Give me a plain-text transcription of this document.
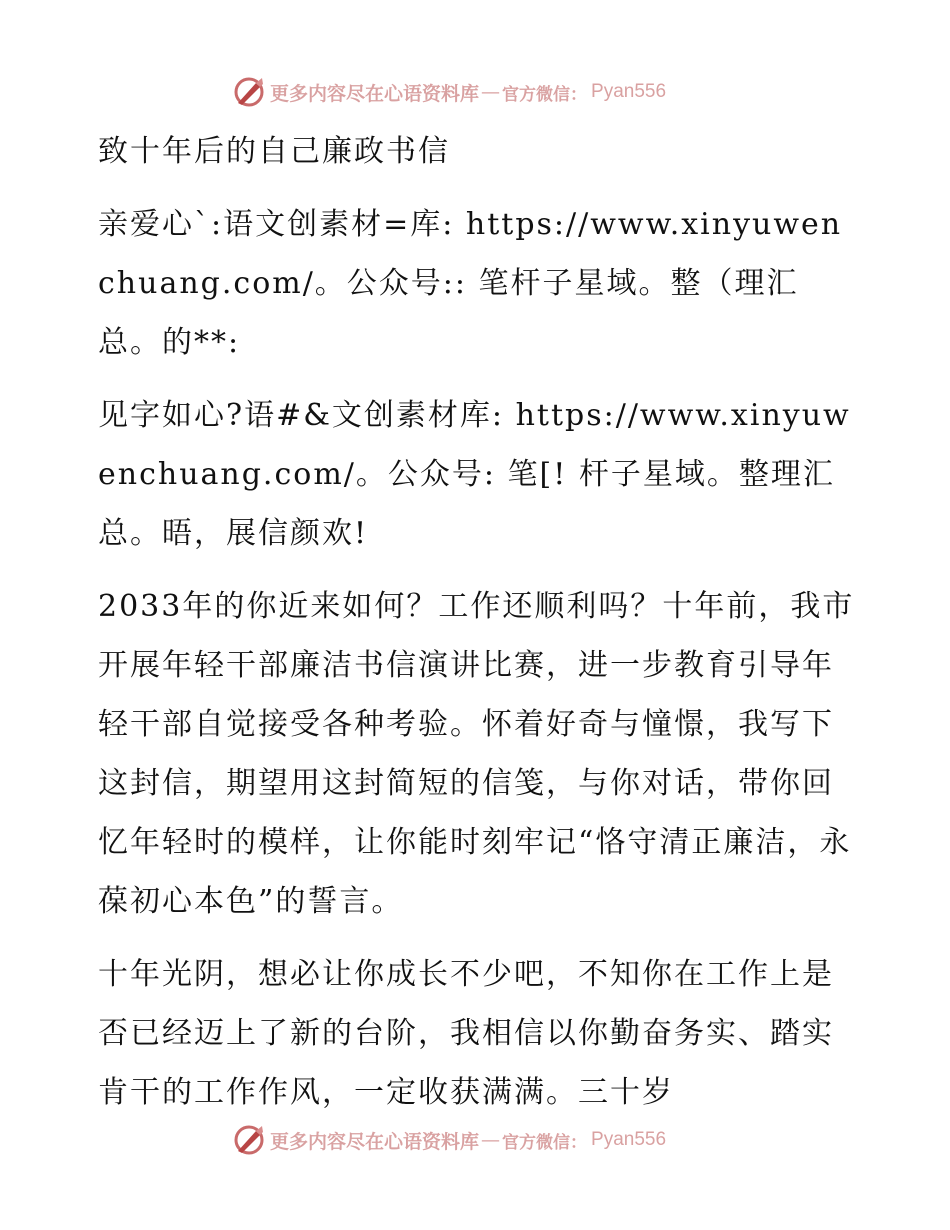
更多内容尽在心语资料库 — 官方微信： Pyan556

致十年后的自己廉政书信

亲爱心`:语文创素材=库: https://www.xinyuwenchuang.com/。公众号:: 笔杆子星域。整（理汇总。的**:

见字如心?语#&文创素材库: https://www.xinyuwenchuang.com/。公众号: 笔[! 杆子星域。整理汇总。晤，展信颜欢!

2033年的你近来如何？工作还顺利吗？十年前，我市开展年轻干部廉洁书信演讲比赛，进一步教育引导年轻干部自觉接受各种考验。怀着好奇与憧憬，我写下这封信，期望用这封简短的信笺，与你对话，带你回忆年轻时的模样，让你能时刻牢记“恪守清正廉洁，永葆初心本色”的誓言。

十年光阴，想必让你成长不少吧，不知你在工作上是否已经迈上了新的台阶，我相信以你勤奋务实、踏实肯干的工作作风，一定收获满满。三十岁

更多内容尽在心语资料库 — 官方微信： Pyan556
